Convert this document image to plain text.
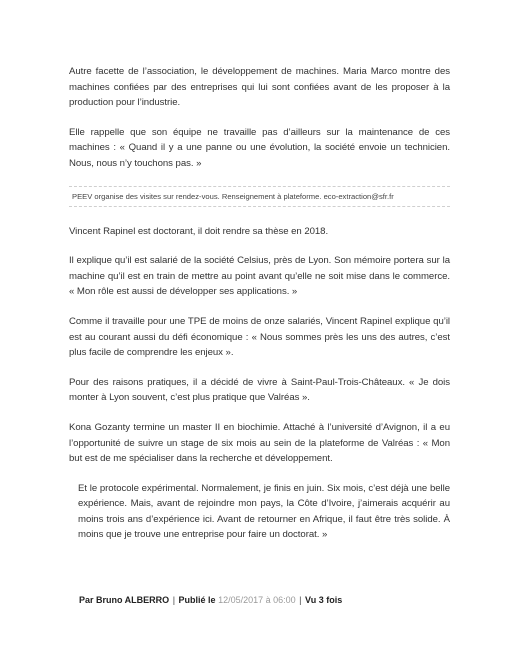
Autre facette de l’association, le développement de machines. Maria Marco montre des machines confiées par des entreprises qui lui sont confiées avant de les proposer à la production pour l’industrie.

Elle rappelle que son équipe ne travaille pas d’ailleurs sur la maintenance de ces machines : « Quand il y a une panne ou une évolution, la société envoie un technicien. Nous, nous n’y touchons pas. »

PEEV organise des visites sur rendez-vous. Renseignement à plateforme. eco-extraction@sfr.fr

Vincent Rapinel est doctorant, il doit rendre sa thèse en 2018.

Il explique qu’il est salarié de la société Celsius, près de Lyon. Son mémoire portera sur la machine qu’il est en train de mettre au point avant qu’elle ne soit mise dans le commerce. « Mon rôle est aussi de développer ses applications. »

Comme il travaille pour une TPE de moins de onze salariés, Vincent Rapinel explique qu’il est au courant aussi du défi économique : « Nous sommes près les uns des autres, c’est plus facile de comprendre les enjeux ».

Pour des raisons pratiques, il a décidé de vivre à Saint-Paul-Trois-Châteaux. « Je dois monter à Lyon souvent, c’est plus pratique que Valréas ».

Kona Gozanty termine un master II en biochimie. Attaché à l’université d’Avignon, il a eu l’opportunité de suivre un stage de six mois au sein de la plateforme de Valréas : « Mon but est de me spécialiser dans la recherche et développement.

Et le protocole expérimental. Normalement, je finis en juin. Six mois, c’est déjà une belle expérience. Mais, avant de rejoindre mon pays, la Côte d’Ivoire, j’aimerais acquérir au moins trois ans d’expérience ici. Avant de retourner en Afrique, il faut être très solide. À moins que je trouve une entreprise pour faire un doctorat. »

Par Bruno ALBERRO | Publié le 12/05/2017 à 06:00 | Vu 3 fois
